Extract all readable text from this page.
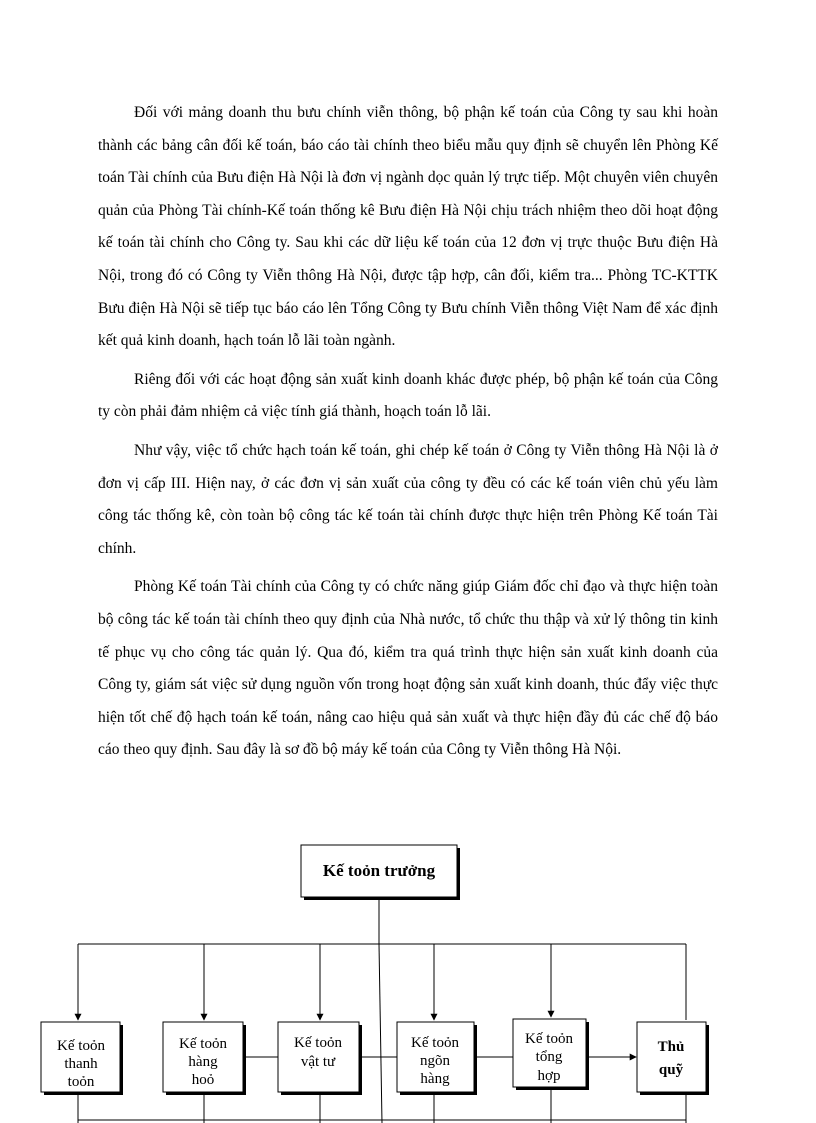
Đối với mảng doanh thu bưu chính viễn thông, bộ phận kế toán của Công ty sau khi hoàn thành các bảng cân đối kế toán, báo cáo tài chính theo biểu mẫu quy định sẽ chuyển lên Phòng Kế toán Tài chính của Bưu điện Hà Nội là đơn vị ngành dọc quản lý trực tiếp. Một chuyên viên chuyên quản của Phòng Tài chính-Kế toán thống kê Bưu điện Hà Nội chịu trách nhiệm theo dõi hoạt động kế toán tài chính cho Công ty. Sau khi các dữ liệu kế toán của 12 đơn vị trực thuộc Bưu điện Hà Nội, trong đó có Công ty Viễn thông Hà Nội, được tập hợp, cân đối, kiểm tra... Phòng TC-KTTK Bưu điện Hà Nội sẽ tiếp tục báo cáo lên Tổng Công ty Bưu chính Viễn thông Việt Nam để xác định kết quả kinh doanh, hạch toán lỗ lãi toàn ngành.

Riêng đối với các hoạt động sản xuất kinh doanh khác được phép, bộ phận kế toán của Công ty còn phải đảm nhiệm cả việc tính giá thành, hoạch toán lỗ lãi.

Như vậy, việc tổ chức hạch toán kế toán, ghi chép kế toán ở Công ty Viễn thông Hà Nội là ở đơn vị cấp III. Hiện nay, ở các đơn vị sản xuất của công ty đều có các kế toán viên chủ yếu làm công tác thống kê, còn toàn bộ công tác kế toán tài chính được thực hiện trên Phòng Kế toán Tài chính.

Phòng Kế toán Tài chính của Công ty có chức năng giúp Giám đốc chỉ đạo và thực hiện toàn bộ công tác kế toán tài chính theo quy định của Nhà nước, tổ chức thu thập và xử lý thông tin kinh tế phục vụ cho công tác quản lý. Qua đó, kiểm tra quá trình thực hiện sản xuất kinh doanh của Công ty, giám sát việc sử dụng nguồn vốn trong hoạt động sản xuất kinh doanh, thúc đẩy việc thực hiện tốt chế độ hạch toán kế toán, nâng cao hiệu quả sản xuất và thực hiện đầy đủ các chế độ báo cáo theo quy định. Sau đây là sơ đồ bộ máy kế toán của Công ty Viễn thông Hà Nội.

Kế toỏn trưởng
Kế toỏn
thanh
toỏn
Kế toỏn
hàng
hoỏ
Kế toỏn
vật tư
Kế toỏn
ngõn
hàng
Kế toỏn
tổng
hợp
Thủ
quỹ
